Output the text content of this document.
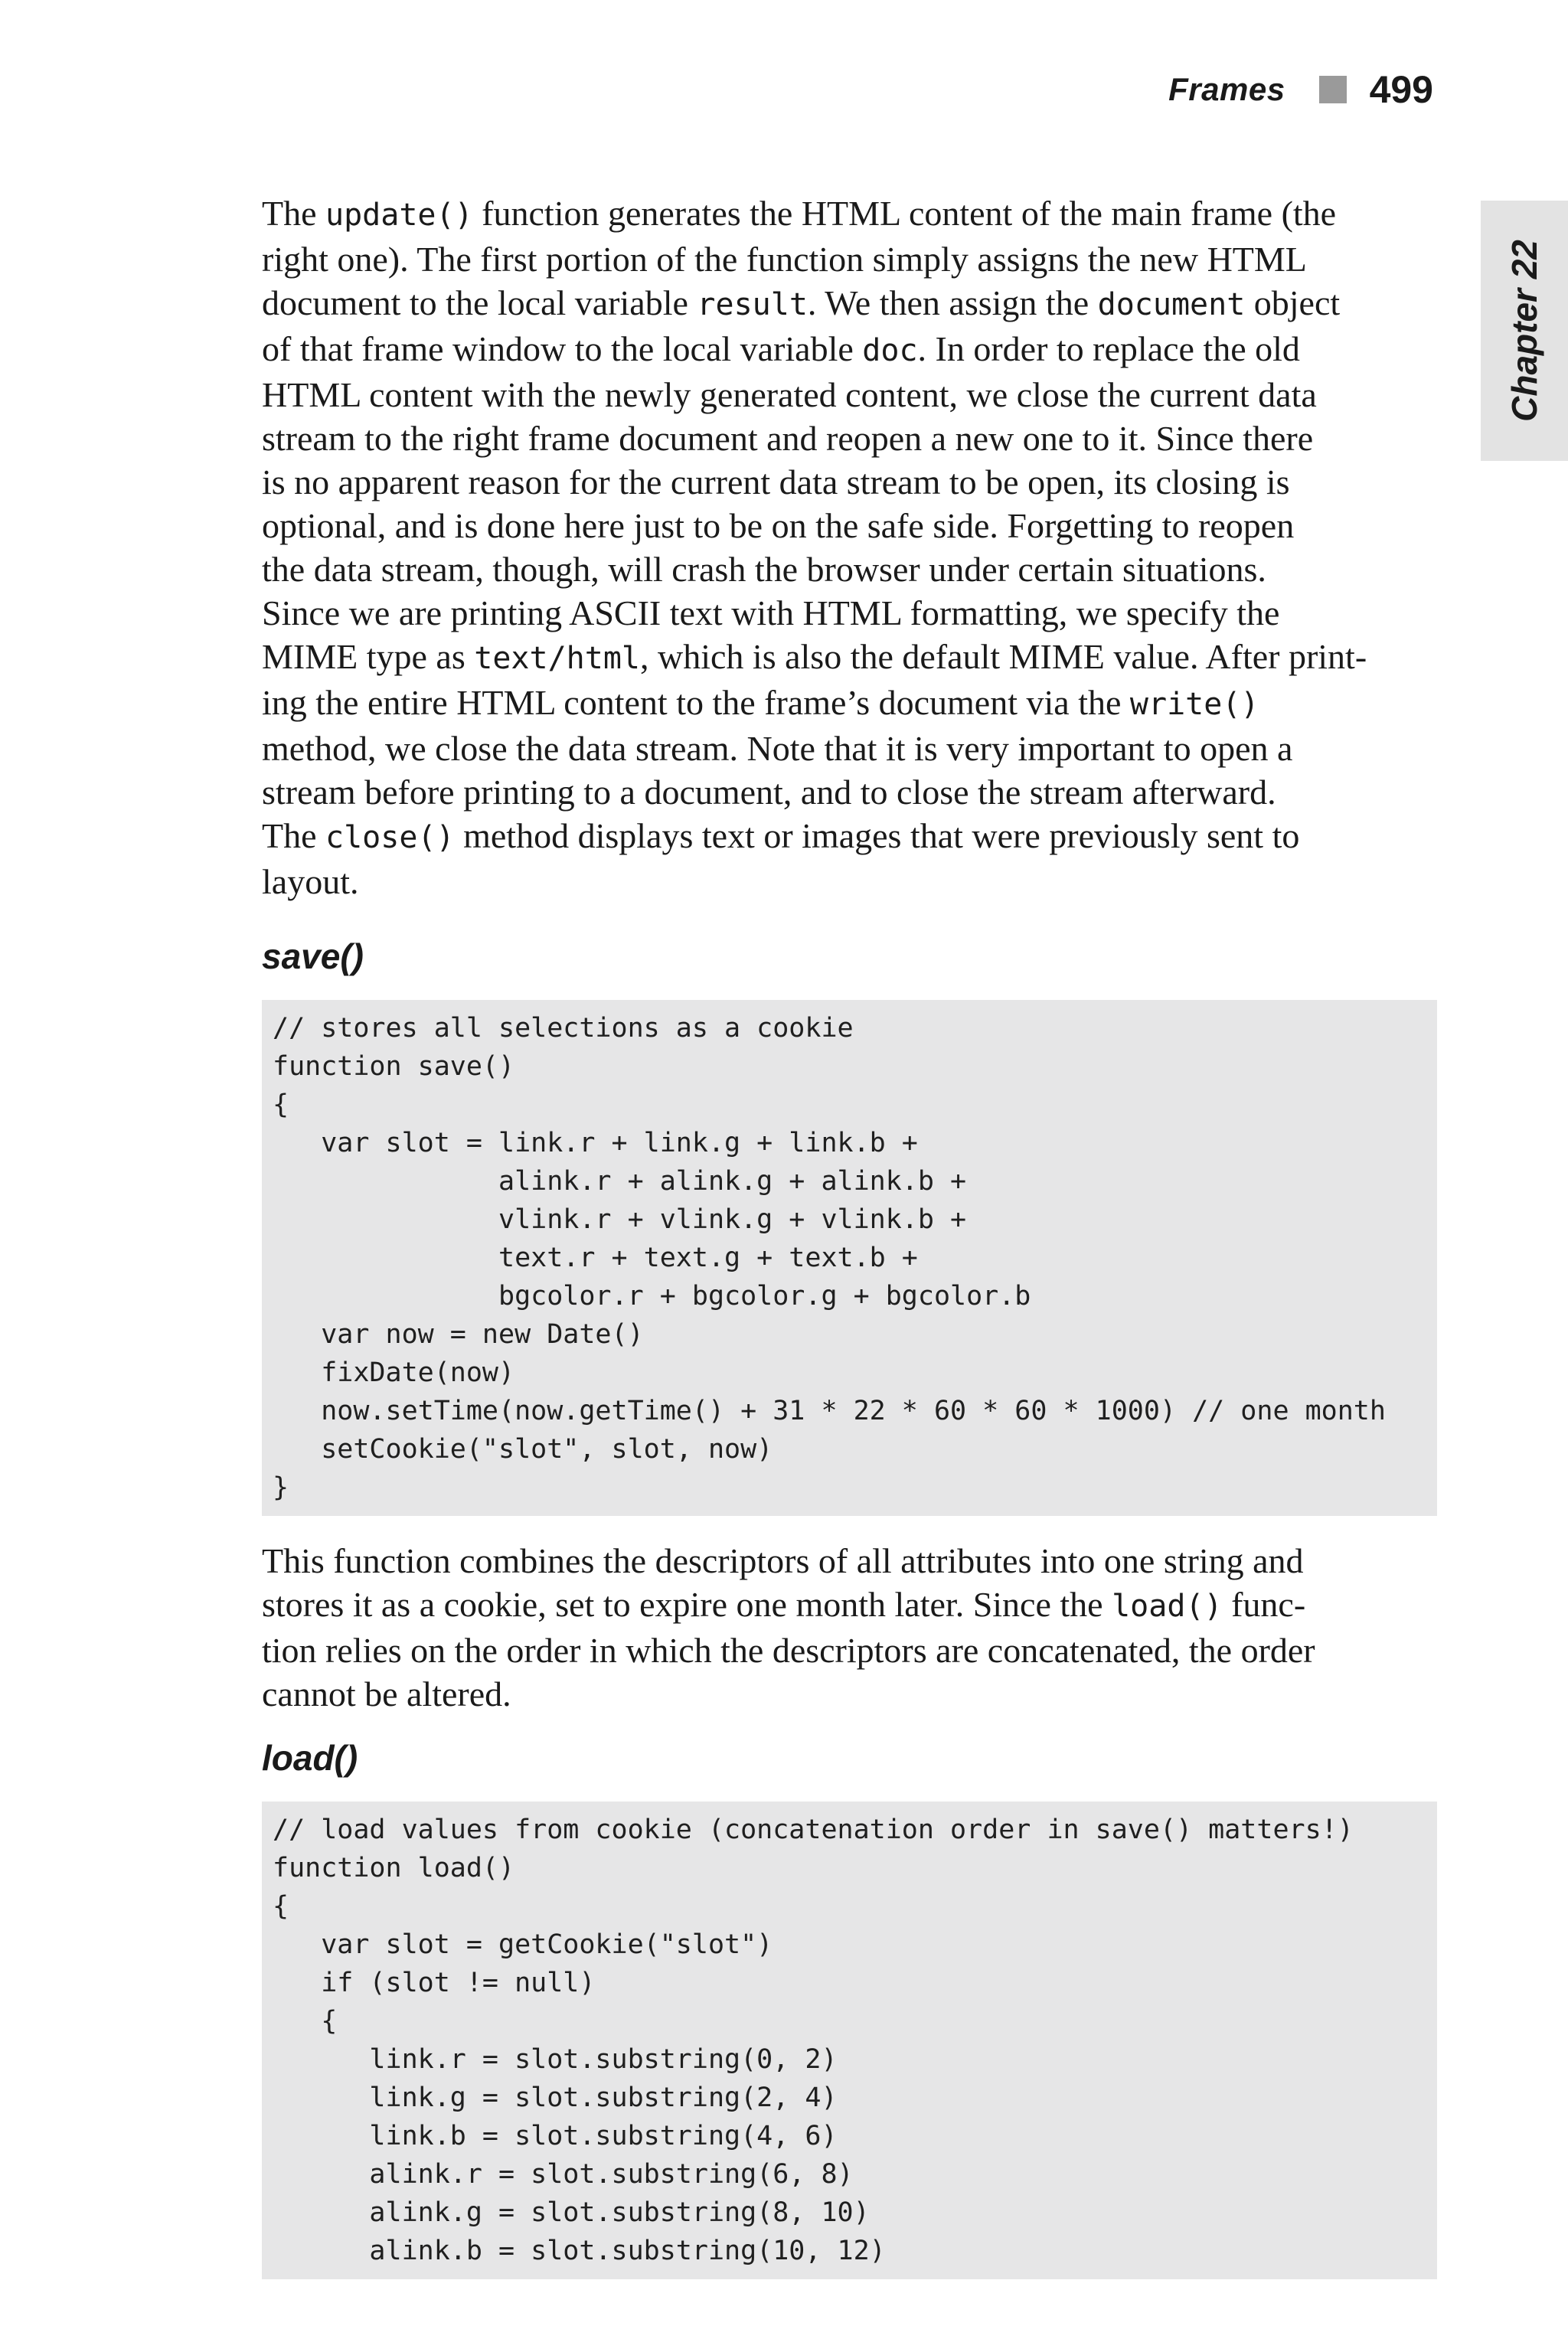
Frames 499
Chapter 22

The update() function generates the HTML content of the main frame (the
right one). The first portion of the function simply assigns the new HTML
document to the local variable result. We then assign the document object
of that frame window to the local variable doc. In order to replace the old
HTML content with the newly generated content, we close the current data
stream to the right frame document and reopen a new one to it. Since there
is no apparent reason for the current data stream to be open, its closing is
optional, and is done here just to be on the safe side. Forgetting to reopen
the data stream, though, will crash the browser under certain situations.
Since we are printing ASCII text with HTML formatting, we specify the
MIME type as text/html, which is also the default MIME value. After print-
ing the entire HTML content to the frame’s document via the write()
method, we close the data stream. Note that it is very important to open a
stream before printing to a document, and to close the stream afterward.
The close() method displays text or images that were previously sent to
layout.

save()
// stores all selections as a cookie
function save()
{
var slot = link.r + link.g + link.b +
alink.r + alink.g + alink.b +
vlink.r + vlink.g + vlink.b +
text.r + text.g + text.b +
bgcolor.r + bgcolor.g + bgcolor.b
var now = new Date()
fixDate(now)
now.setTime(now.getTime() + 31 * 22 * 60 * 60 * 1000) // one month
setCookie("slot", slot, now)
}

This function combines the descriptors of all attributes into one string and
stores it as a cookie, set to expire one month later. Since the load() func-
tion relies on the order in which the descriptors are concatenated, the order
cannot be altered.

load()
// load values from cookie (concatenation order in save() matters!)
function load()
{
var slot = getCookie("slot")
if (slot != null)
{
link.r = slot.substring(0, 2)
link.g = slot.substring(2, 4)
link.b = slot.substring(4, 6)
alink.r = slot.substring(6, 8)
alink.g = slot.substring(8, 10)
alink.b = slot.substring(10, 12)
